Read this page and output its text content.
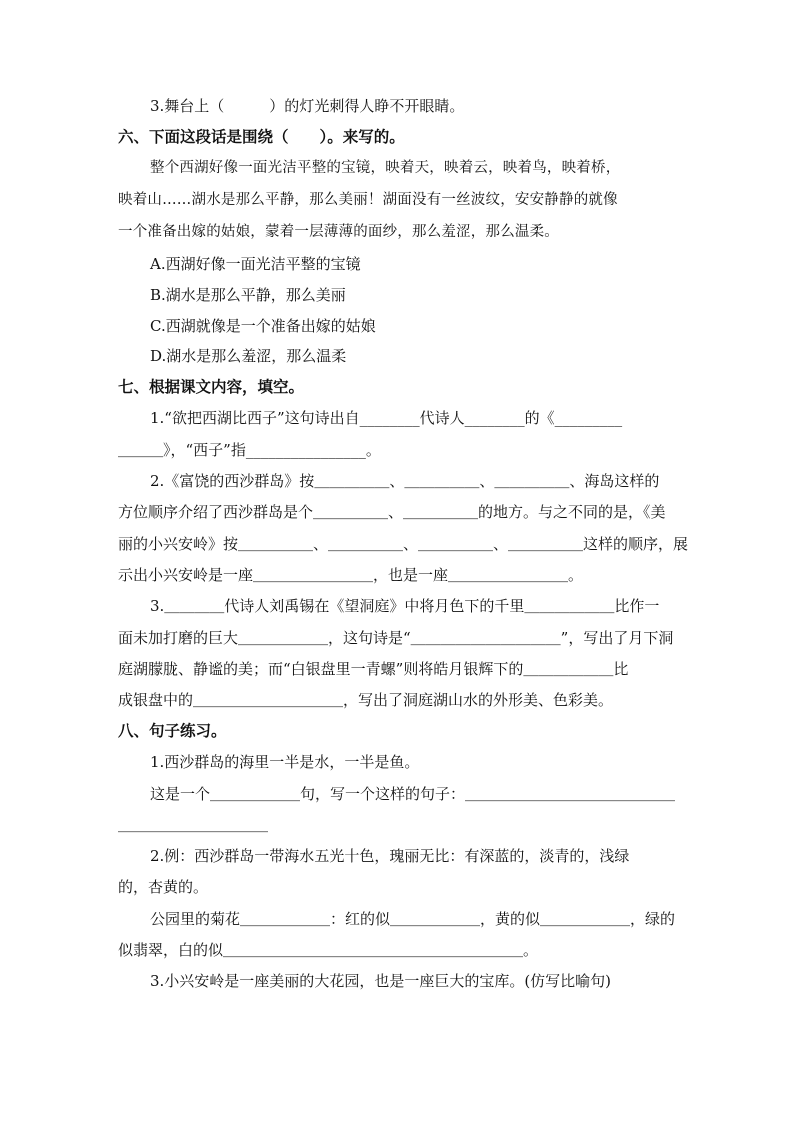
3.舞台上（　　　）的灯光刺得人睁不开眼睛。
六、下面这段话是围绕（　　）。来写的。
整个西湖好像一面光洁平整的宝镜，映着天，映着云，映着鸟，映着桥，
映着山……湖水是那么平静，那么美丽！湖面没有一丝波纹，安安静静的就像
一个准备出嫁的姑娘，蒙着一层薄薄的面纱，那么羞涩，那么温柔。
A.西湖好像一面光洁平整的宝镜
B.湖水是那么平静，那么美丽
C.西湖就像是一个准备出嫁的姑娘
D.湖水是那么羞涩，那么温柔
七、根据课文内容，填空。
1.“欲把西湖比西子”这句诗出自________代诗人________的《_________
＿＿＿》，“西子”指________________。
2.《富饶的西沙群岛》按＿＿＿＿＿、＿＿＿＿＿、＿＿＿＿＿、海岛这样的
方位顺序介绍了西沙群岛是个＿＿＿＿＿、＿＿＿＿＿的地方。与之不同的是，《美
丽的小兴安岭》按＿＿＿＿＿、＿＿＿＿＿、＿＿＿＿＿、＿＿＿＿＿这样的顺序，展
示出小兴安岭是一座＿＿＿＿＿＿＿＿，也是一座＿＿＿＿＿＿＿＿。
3.＿＿＿＿代诗人刘禹锡在《望洞庭》中将月色下的千里＿＿＿＿＿＿比作一
面未加打磨的巨大＿＿＿＿＿＿，这句诗是“＿＿＿＿＿＿＿＿＿＿”，写出了月下洞
庭湖朦胧、静谧的美；而“白银盘里一青螺”则将皓月银辉下的＿＿＿＿＿＿比
成银盘中的＿＿＿＿＿＿＿＿＿＿，写出了洞庭湖山水的外形美、色彩美。
八、句子练习。
1.西沙群岛的海里一半是水，一半是鱼。
这是一个＿＿＿＿＿＿句，写一个这样的句子：＿＿＿＿＿＿＿＿＿＿＿＿＿＿
＿＿＿＿＿＿＿＿＿＿
2.例：西沙群岛一带海水五光十色，瑰丽无比：有深蓝的，淡青的，浅绿
的，杏黄的。
公园里的菊花＿＿＿＿＿＿：红的似＿＿＿＿＿＿，黄的似＿＿＿＿＿＿，绿的
似翡翠，白的似＿＿＿＿＿＿＿＿＿＿＿＿＿＿＿＿＿＿＿＿。
3.小兴安岭是一座美丽的大花园，也是一座巨大的宝库。(仿写比喻句)
